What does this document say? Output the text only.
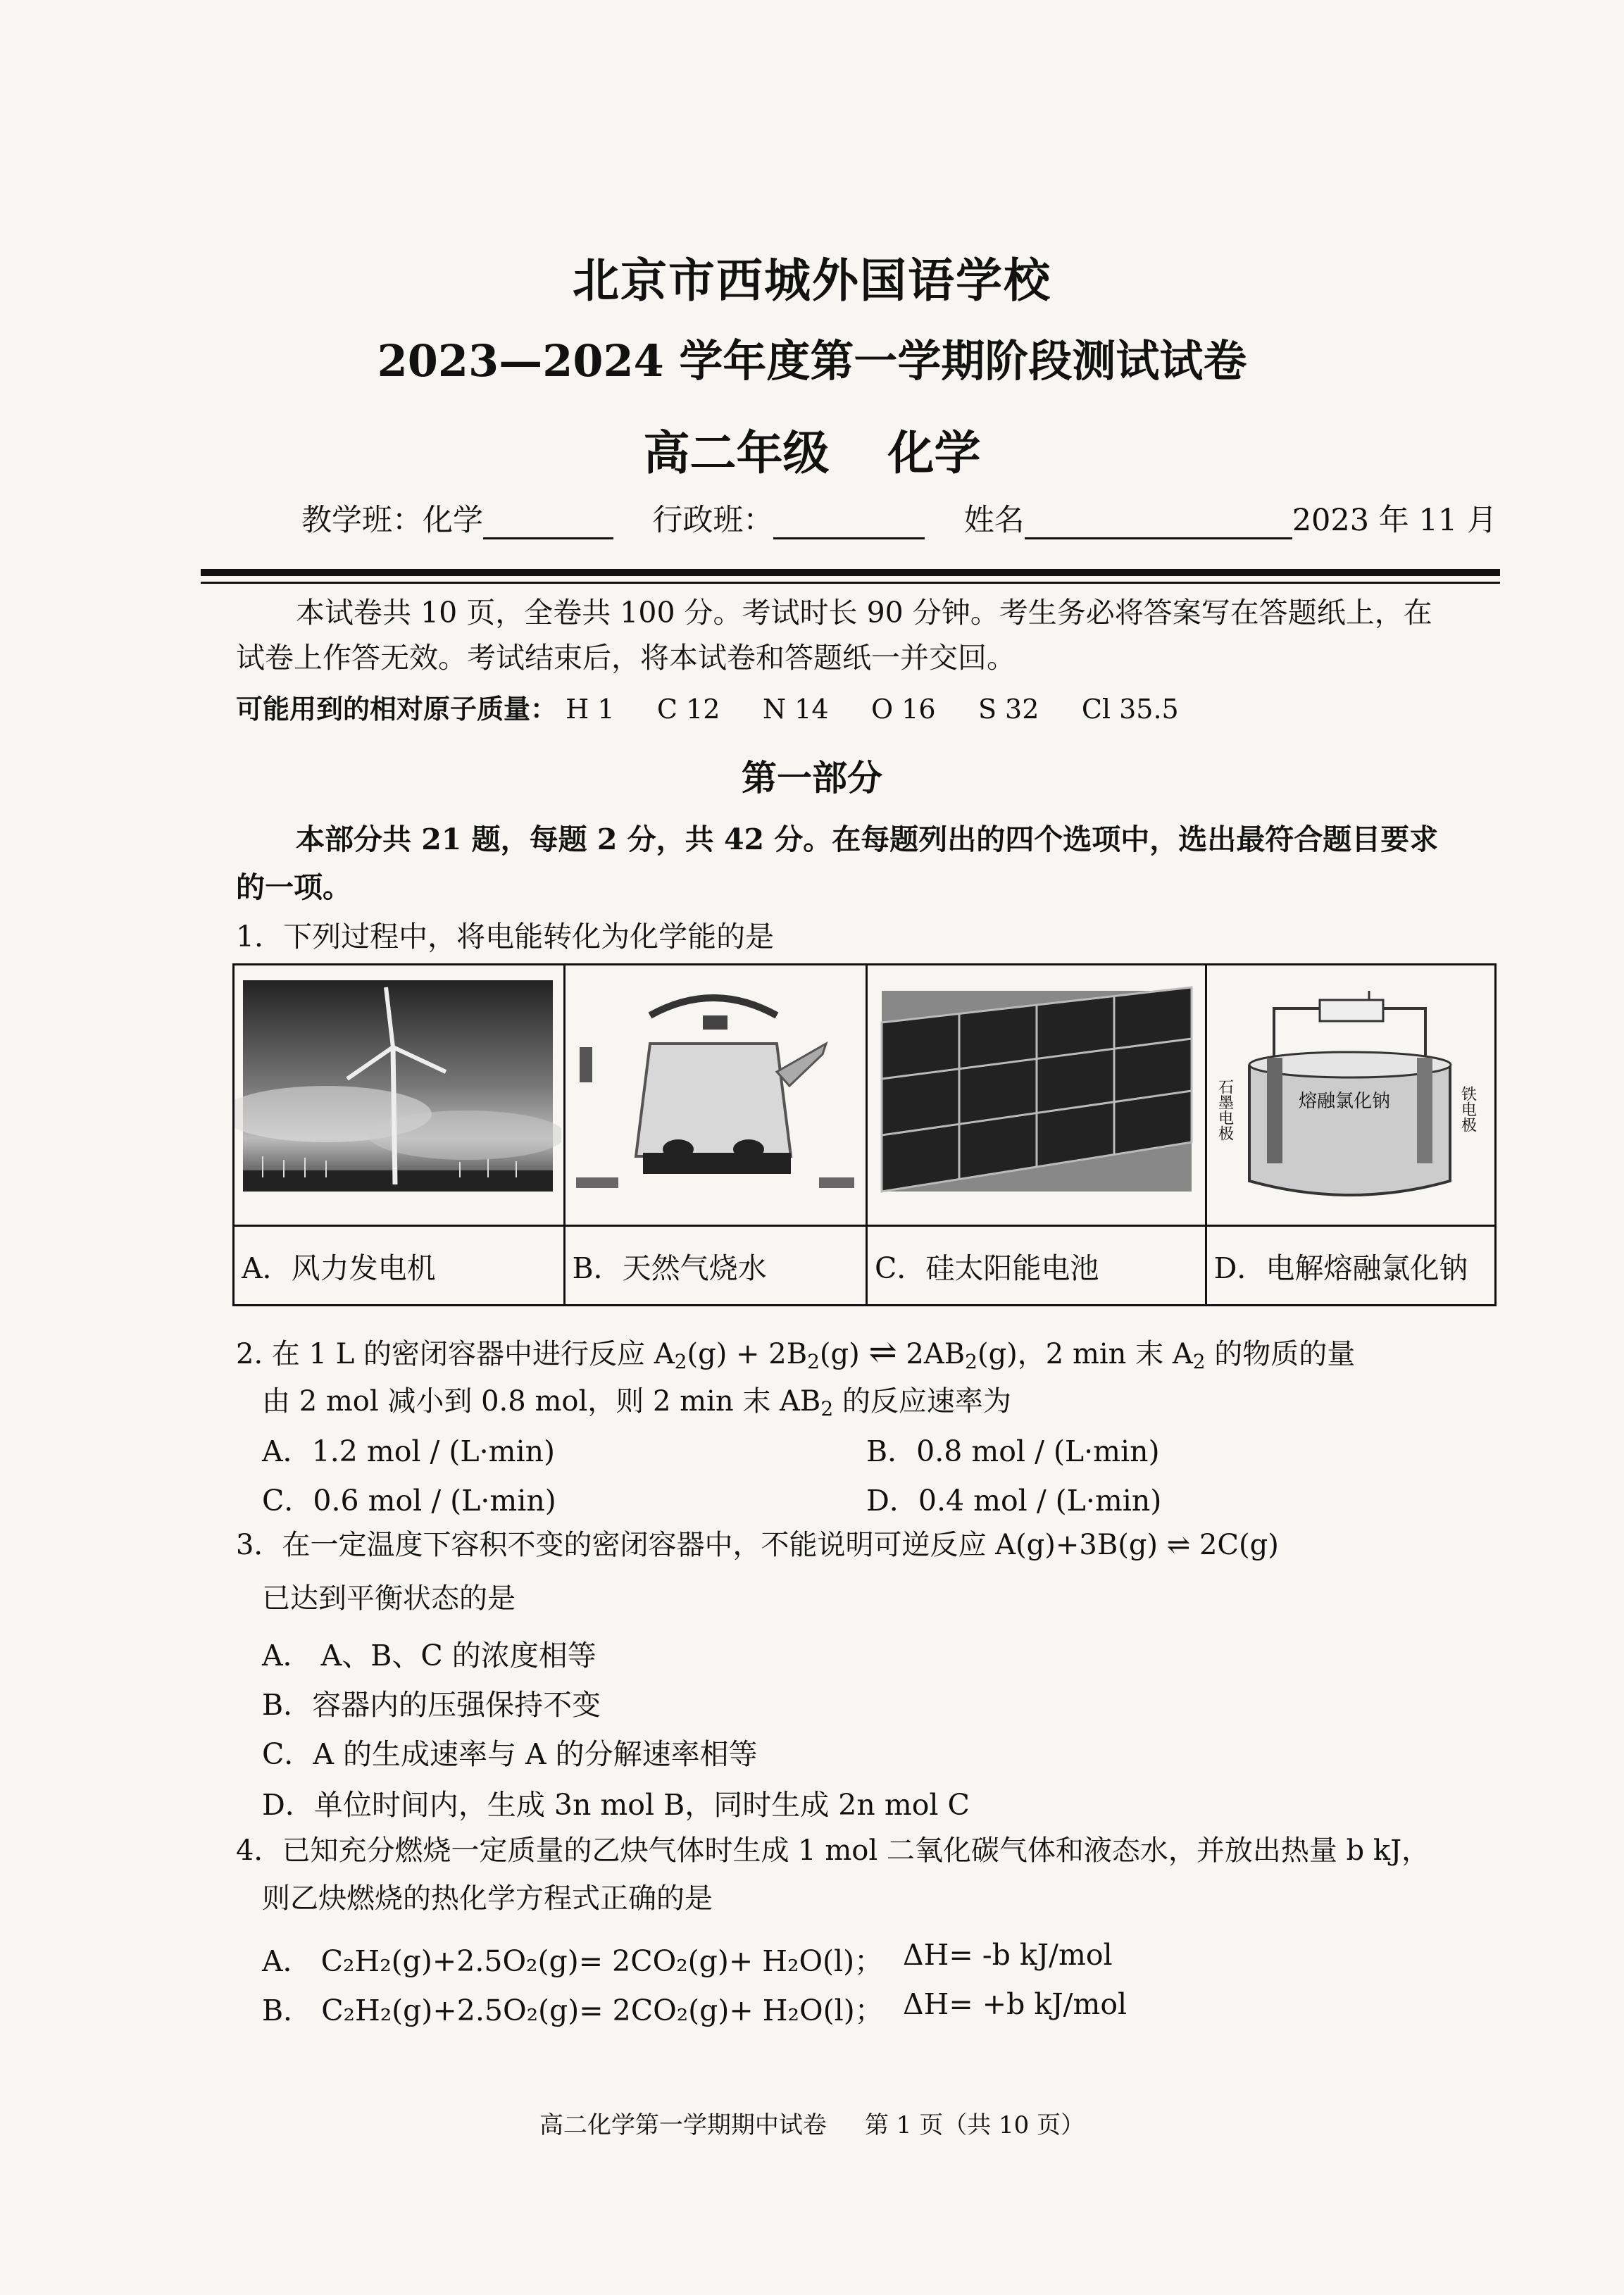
北京市西城外国语学校
2023—2024 学年度第一学期阶段测试试卷
高二年级 化学
教学班：化学	行政班：	姓名	2023 年 11 月
本试卷共 10 页，全卷共 100 分。考试时长 90 分钟。考生务必将答案写在答题纸上，在
试卷上作答无效。考试结束后，将本试卷和答题纸一并交回。
可能用到的相对原子质量： H 1 C 12 N 14 O 16 S 32 Cl 35.5
第一部分
本部分共 21 题，每题 2 分，共 42 分。在每题列出的四个选项中，选出最符合题目要求
的一项。
1．下列过程中，将电能转化为化学能的是

熔融氯化钠
石墨电极 铁电极

A．风力发电机	B．天然气烧水	C．硅太阳能电池	D．电解熔融氯化钠
2. 在 1 L 的密闭容器中进行反应 $A_2(g) + 2B_2(g)$ ⇌ $2AB_2(g)$，2 min 末 $A_2$ 的物质的量
由 2 mol 减小到 0.8 mol，则 2 min 末 $AB_2$ 的反应速率为
A．1.2 mol / (L·min)	B．0.8 mol / (L·min)
C．0.6 mol / (L·min)	D．0.4 mol / (L·min)
3．在一定温度下容积不变的密闭容器中，不能说明可逆反应 A(g)+3B(g) ⇌ 2C(g)
已达到平衡状态的是
A． A、B、C 的浓度相等
B．容器内的压强保持不变
C．A 的生成速率与 A 的分解速率相等
D．单位时间内，生成 3n mol B，同时生成 2n mol C
4．已知充分燃烧一定质量的乙炔气体时生成 1 mol 二氧化碳气体和液态水，并放出热量 b kJ，
则乙炔燃烧的热化学方程式正确的是
A． C₂H₂(g)+2.5O₂(g)= 2CO₂(g)+ H₂O(l)； ΔH= -b kJ/mol
B． C₂H₂(g)+2.5O₂(g)= 2CO₂(g)+ H₂O(l)； ΔH= +b kJ/mol
高二化学第一学期期中试卷 第 1 页（共 10 页）
